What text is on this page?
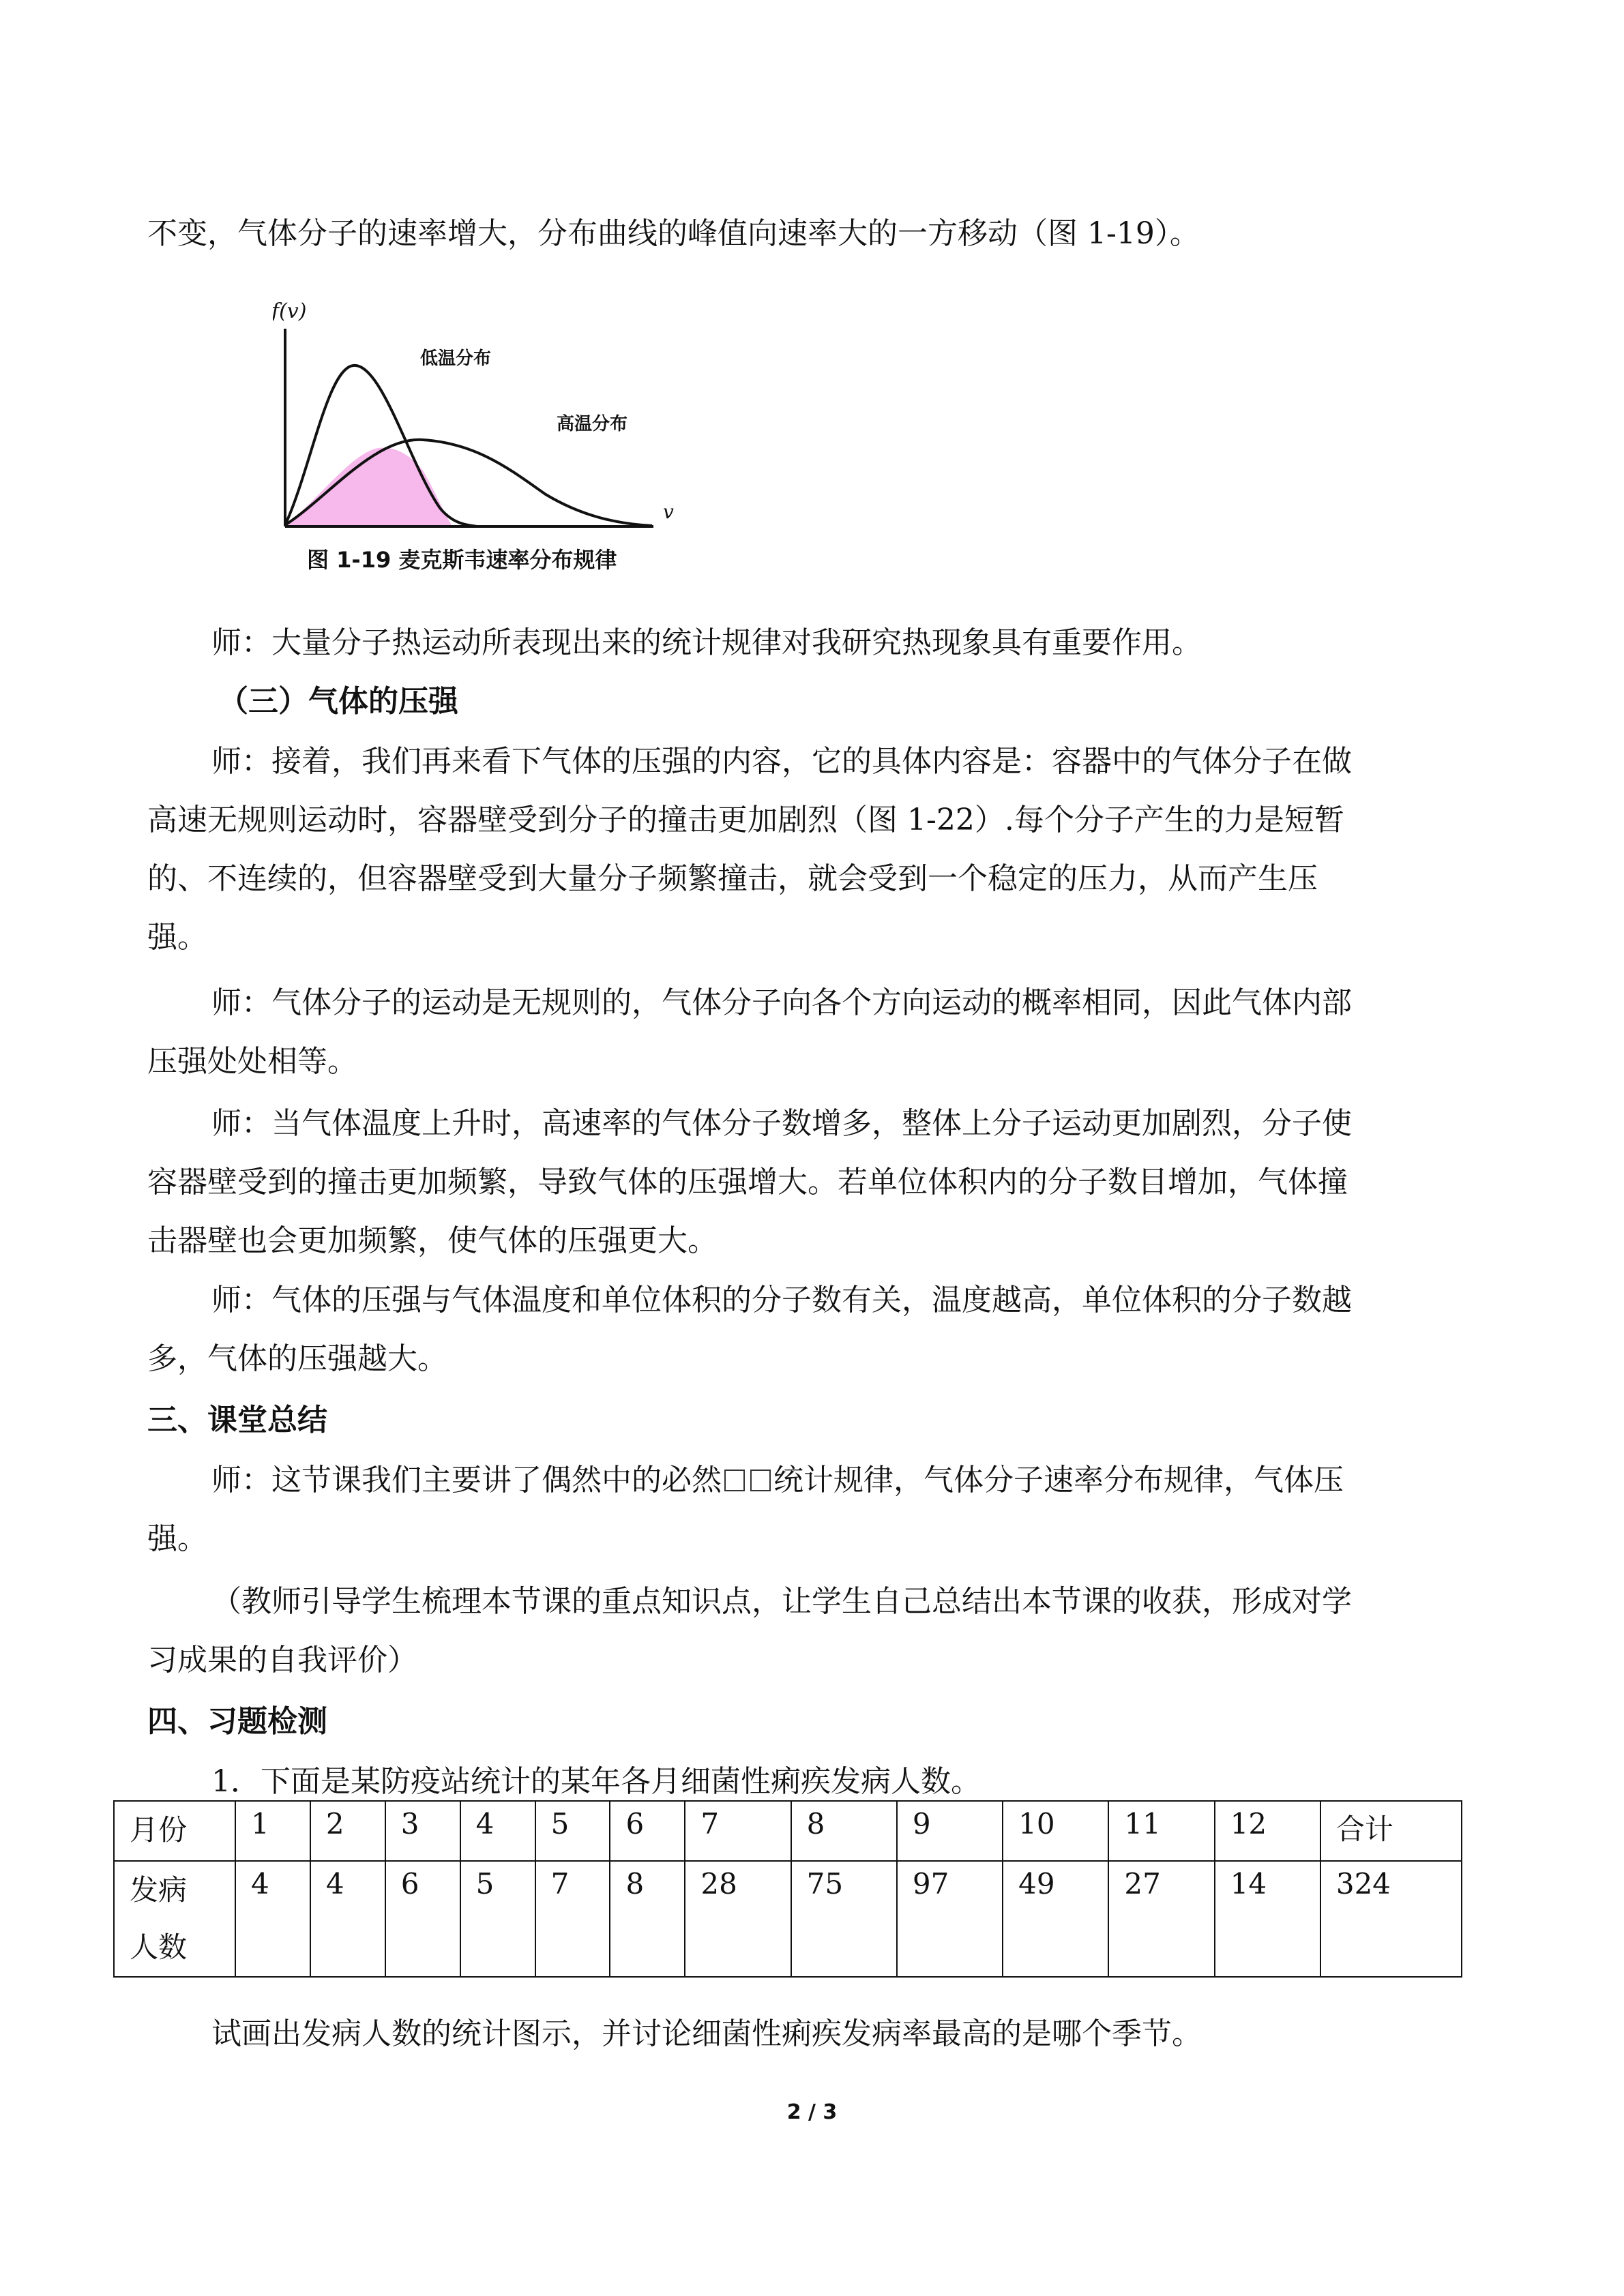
不变，气体分子的速率增大，分布曲线的峰值向速率大的一方移动（图 1-19）。
f(v)
v
低温分布
高温分布
图 1-19 麦克斯韦速率分布规律
师：大量分子热运动所表现出来的统计规律对我研究热现象具有重要作用。
（三）气体的压强
师：接着，我们再来看下气体的压强的内容，它的具体内容是：容器中的气体分子在做
高速无规则运动时，容器壁受到分子的撞击更加剧烈（图 1-22）.每个分子产生的力是短暂
的、不连续的，但容器壁受到大量分子频繁撞击，就会受到一个稳定的压力，从而产生压
强。
师：气体分子的运动是无规则的，气体分子向各个方向运动的概率相同，因此气体内部
压强处处相等。
师：当气体温度上升时，高速率的气体分子数增多，整体上分子运动更加剧烈，分子使
容器壁受到的撞击更加频繁，导致气体的压强增大。若单位体积内的分子数目增加，气体撞
击器壁也会更加频繁，使气体的压强更大。
师：气体的压强与气体温度和单位体积的分子数有关，温度越高，单位体积的分子数越
多，气体的压强越大。
三、课堂总结
师：这节课我们主要讲了偶然中的必然 统计规律，气体分子速率分布规律，气体压
强。
（教师引导学生梳理本节课的重点知识点，让学生自己总结出本节课的收获，形成对学
习成果的自我评价）
四、习题检测
1．下面是某防疫站统计的某年各月细菌性痢疾发病人数。
月份	1	2	3	4	5	6	7	8	9	10	11	12	合计

发病
人数	4	4	6	5	7	8	28	75	97	49	27	14	324
试画出发病人数的统计图示，并讨论细菌性痢疾发病率最高的是哪个季节。
2 / 3
